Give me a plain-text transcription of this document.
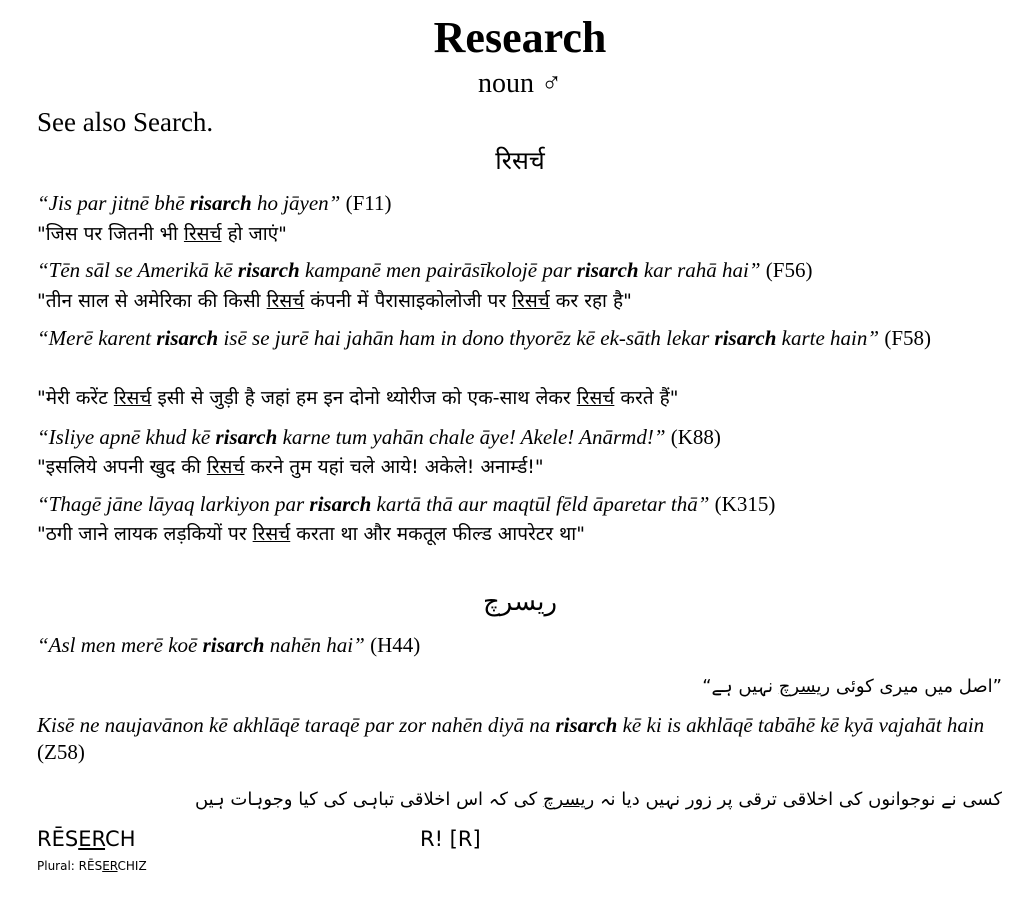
Research
noun ♂
See also Search.
रिसर्च

“Jis par jitnē bhē risarch ho jāyen” (F11)

"जिस पर जितनी भी रिसर्च हो जाएं"

“Tēn sāl se Amerikā kē risarch kampanē men pairāsīkolojē par risarch kar rahā hai” (F56)

"तीन साल से अमेरिका की किसी रिसर्च कंपनी में पैरासाइकोलोजी पर रिसर्च कर रहा है"

“Merē karent risarch isē se jurē hai jahān ham in dono thyorēz kē ek-sāth lekar risarch karte hain” (F58)

"मेरी करेंट रिसर्च इसी से जुड़ी है जहां हम इन दोनो थ्योरीज को एक-साथ लेकर रिसर्च करते हैं"

“Isliye apnē khud kē risarch karne tum yahān chale āye! Akele! Anārmd!” (K88)

"इसलिये अपनी खुद की रिसर्च करने तुम यहां चले आये! अकेले! अनार्म्ड!"

“Thagē jāne lāyaq larkiyon par risarch kartā thā aur maqtūl fēld āparetar thā” (K315)

"ठगी जाने लायक लड़कियों पर रिसर्च करता था और मकतूल फील्ड आपरेटर था"

ریسرچ

“Asl men merē koē risarch nahēn hai” (H44)

”اصل میں میری کوئی ریسرچ نہیں ہے“

Kisē ne naujavānon kē akhlāqē taraqē par zor nahēn diyā na risarch kē ki is akhlāqē tabāhē kē kyā vajahāt hain (Z58)

کسی نے نوجوانوں کی اخلاقی ترقی پر زور نہیں دیا نہ ریسرچ کی کہ اس اخلاقی تباہی کی کیا وجوہات ہیں

RĒSERCH	R! [R]
Plural: RĒSERCHIZ
